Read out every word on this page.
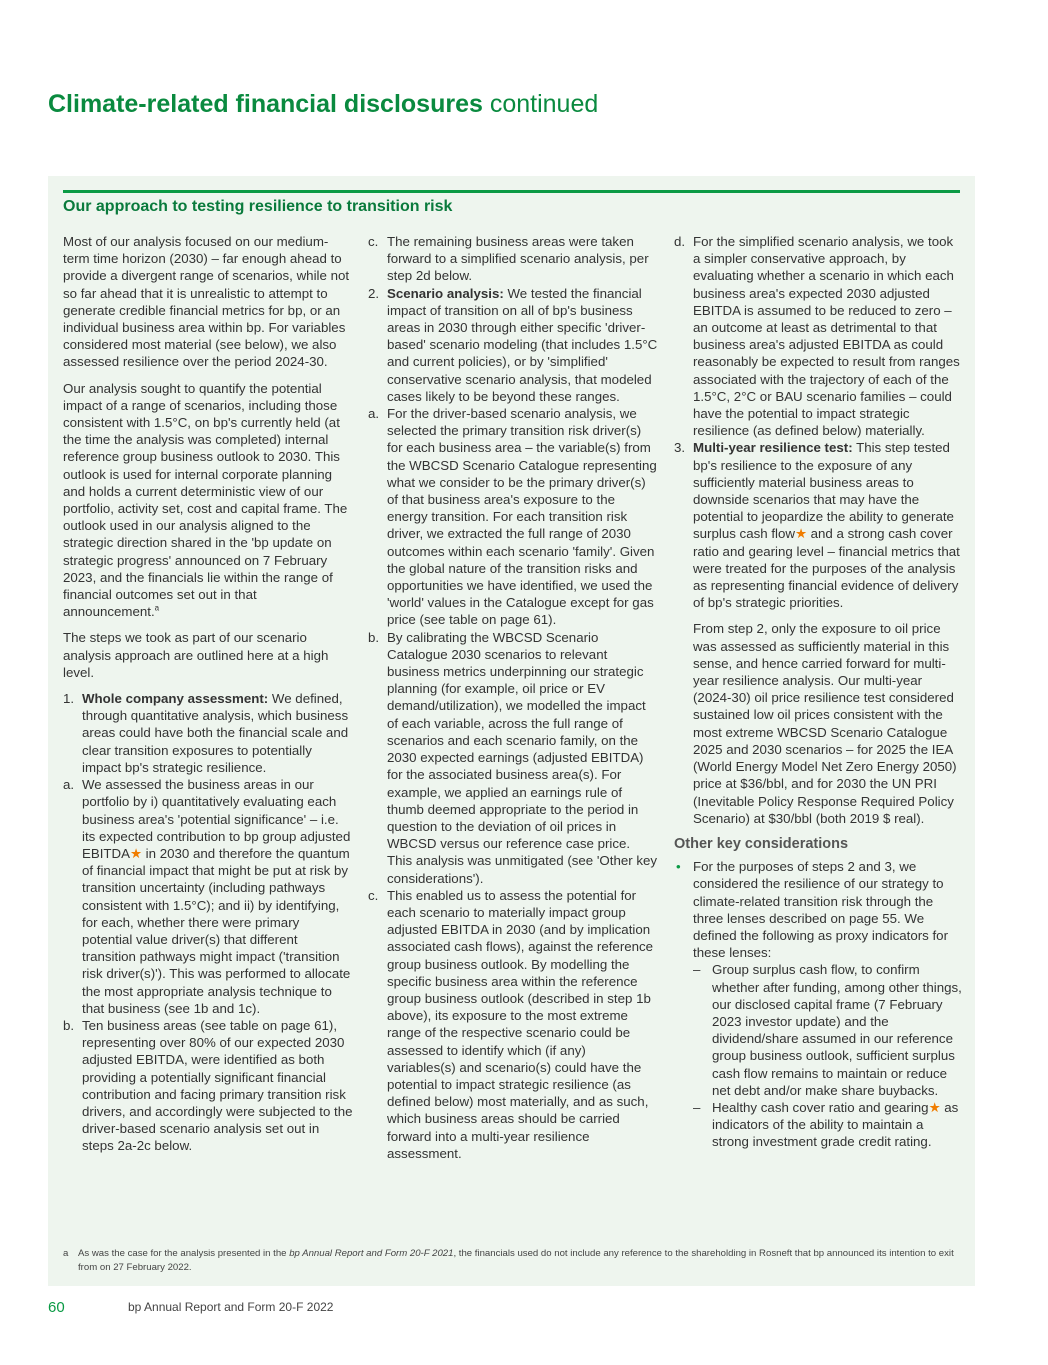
Climate-related financial disclosures continued
Our approach to testing resilience to transition risk

Most of our analysis focused on our medium-term time horizon (2030) – far enough ahead to provide a divergent range of scenarios, while not so far ahead that it is unrealistic to attempt to generate credible financial metrics for bp, or an individual business area within bp. For variables considered most material (see below), we also assessed resilience over the period 2024-30.

Our analysis sought to quantify the potential impact of a range of scenarios, including those consistent with 1.5°C, on bp's currently held (at the time the analysis was completed) internal reference group business outlook to 2030. This outlook is used for internal corporate planning and holds a current deterministic view of our portfolio, activity set, cost and capital frame. The outlook used in our analysis aligned to the strategic direction shared in the 'bp update on strategic progress' announced on 7 February 2023, and the financials lie within the range of financial outcomes set out in that announcement.$^a$

The steps we took as part of our scenario analysis approach are outlined here at a high level.

1. Whole company assessment: We defined, through quantitative analysis, which business areas could have both the financial scale and clear transition exposures to potentially impact bp's strategic resilience.
a. We assessed the business areas in our portfolio by i) quantitatively evaluating each business area's 'potential significance' – i.e. its expected contribution to bp group adjusted EBITDA★ in 2030 and therefore the quantum of financial impact that might be put at risk by transition uncertainty (including pathways consistent with 1.5°C); and ii) by identifying, for each, whether there were primary potential value driver(s) that different transition pathways might impact ('transition risk driver(s)'). This was performed to allocate the most appropriate analysis technique to that business (see 1b and 1c).
b. Ten business areas (see table on page 61), representing over 80% of our expected 2030 adjusted EBITDA, were identified as both providing a potentially significant financial contribution and facing primary transition risk drivers, and accordingly were subjected to the driver-based scenario analysis set out in steps 2a-2c below.
c. The remaining business areas were taken forward to a simplified scenario analysis, per step 2d below.
2. Scenario analysis: We tested the financial impact of transition on all of bp's business areas in 2030 through either specific 'driver-based' scenario modeling (that includes 1.5°C and current policies), or by 'simplified' conservative scenario analysis, that modeled cases likely to be beyond these ranges.
a. For the driver-based scenario analysis, we selected the primary transition risk driver(s) for each business area – the variable(s) from the WBCSD Scenario Catalogue representing what we consider to be the primary driver(s) of that business area's exposure to the energy transition. For each transition risk driver, we extracted the full range of 2030 outcomes within each scenario 'family'. Given the global nature of the transition risks and opportunities we have identified, we used the 'world' values in the Catalogue except for gas price (see table on page 61).
b. By calibrating the WBCSD Scenario Catalogue 2030 scenarios to relevant business metrics underpinning our strategic planning (for example, oil price or EV demand/utilization), we modelled the impact of each variable, across the full range of scenarios and each scenario family, on the 2030 expected earnings (adjusted EBITDA) for the associated business area(s). For example, we applied an earnings rule of thumb deemed appropriate to the period in question to the deviation of oil prices in WBCSD versus our reference case price. This analysis was unmitigated (see 'Other key considerations').
c. This enabled us to assess the potential for each scenario to materially impact group adjusted EBITDA in 2030 (and by implication associated cash flows), against the reference group business outlook. By modelling the specific business area within the reference group business outlook (described in step 1b above), its exposure to the most extreme range of the respective scenario could be assessed to identify which (if any) variables(s) and scenario(s) could have the potential to impact strategic resilience (as defined below) most materially, and as such, which business areas should be carried forward into a multi-year resilience assessment.
d. For the simplified scenario analysis, we took a simpler conservative approach, by evaluating whether a scenario in which each business area's expected 2030 adjusted EBITDA is assumed to be reduced to zero – an outcome at least as detrimental to that business area's adjusted EBITDA as could reasonably be expected to result from ranges associated with the trajectory of each of the 1.5°C, 2°C or BAU scenario families – could have the potential to impact strategic resilience (as defined below) materially.
3. Multi-year resilience test: This step tested bp's resilience to the exposure of any sufficiently material business areas to downside scenarios that may have the potential to jeopardize the ability to generate surplus cash flow★ and a strong cash cover ratio and gearing level – financial metrics that were treated for the purposes of the analysis as representing financial evidence of delivery of bp's strategic priorities.

From step 2, only the exposure to oil price was assessed as sufficiently material in this sense, and hence carried forward for multi-year resilience analysis. Our multi-year (2024-30) oil price resilience test considered sustained low oil prices consistent with the most extreme WBCSD Scenario Catalogue 2025 and 2030 scenarios – for 2025 the IEA (World Energy Model Net Zero Energy 2050) price at $36/bbl, and for 2030 the UN PRI (Inevitable Policy Response Required Policy Scenario) at $30/bbl (both 2019 $ real).

Other key considerations
• For the purposes of steps 2 and 3, we considered the resilience of our strategy to climate-related transition risk through the three lenses described on page 55. We defined the following as proxy indicators for these lenses:
– Group surplus cash flow, to confirm whether after funding, among other things, our disclosed capital frame (7 February 2023 investor update) and the dividend/share assumed in our reference group business outlook, sufficient surplus cash flow remains to maintain or reduce net debt and/or make share buybacks.
– Healthy cash cover ratio and gearing★ as indicators of the ability to maintain a strong investment grade credit rating.
a	As was the case for the analysis presented in the bp Annual Report and Form 20-F 2021, the financials used do not include any reference to the shareholding in Rosneft that bp announced its intention to exit from on 27 February 2022.
60	bp Annual Report and Form 20-F 2022
